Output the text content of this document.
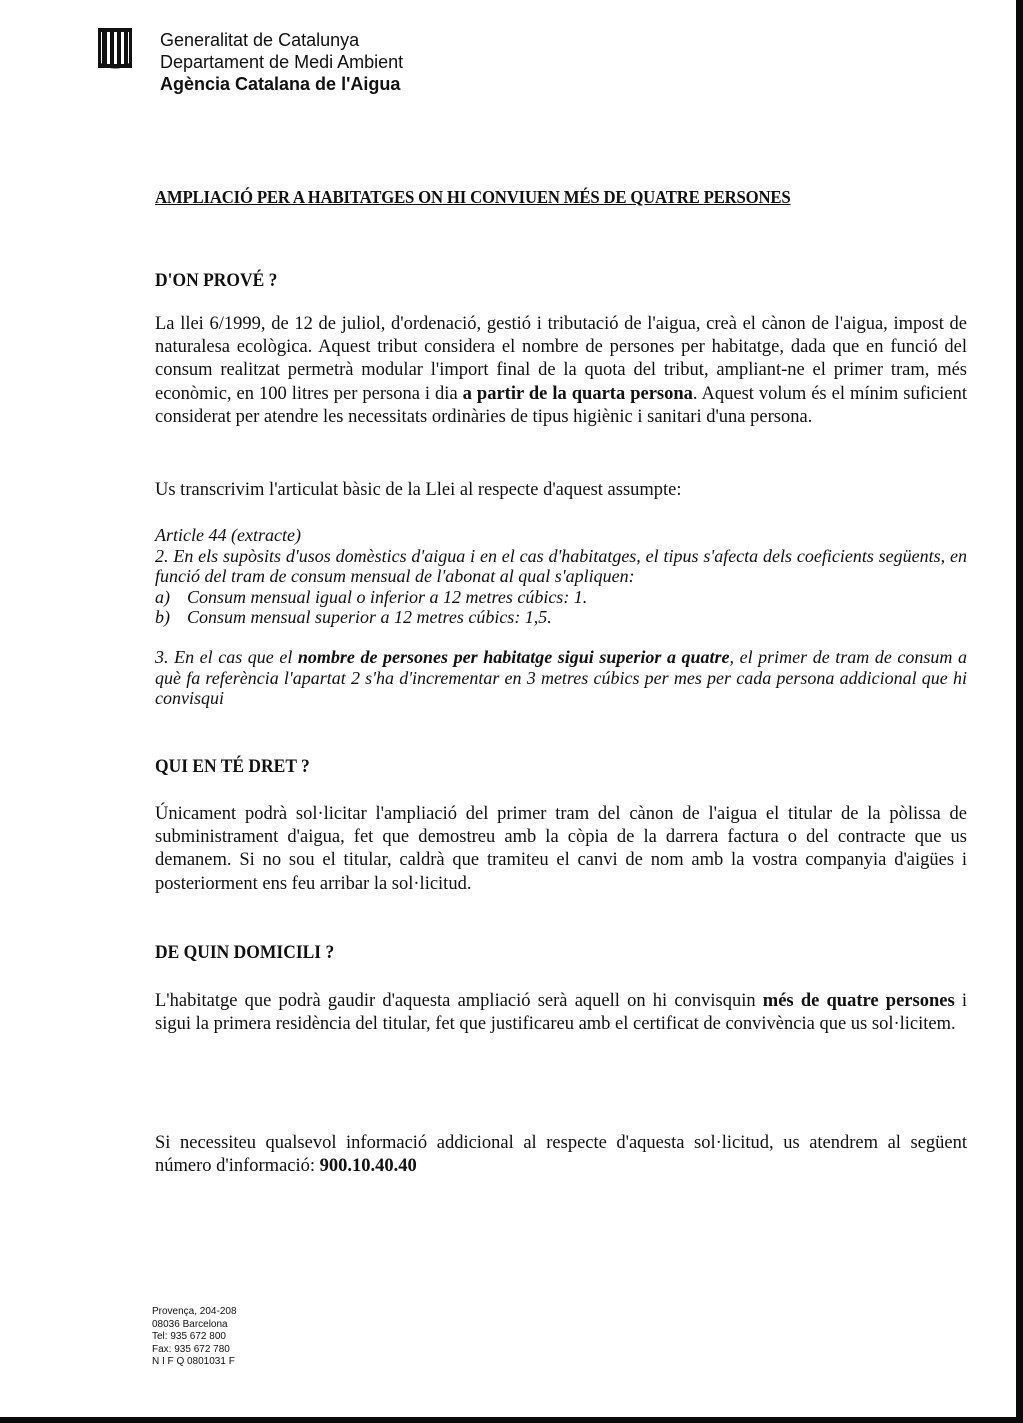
Generalitat de Catalunya
Departament de Medi Ambient
Agència Catalana de l'Aigua
AMPLIACIÓ PER A HABITATGES ON HI CONVIUEN MÉS DE QUATRE PERSONES
D'ON PROVÉ ?
La llei 6/1999, de 12 de juliol, d'ordenació, gestió i tributació de l'aigua, creà el cànon de l'aigua, impost de naturalesa ecològica. Aquest tribut considera el nombre de persones per habitatge, dada que en funció del consum realitzat permetrà modular l'import final de la quota del tribut, ampliant-ne el primer tram, més econòmic, en 100 litres per persona i dia a partir de la quarta persona. Aquest volum és el mínim suficient considerat per atendre les necessitats ordinàries de tipus higiènic i sanitari d'una persona.
Us transcrivim l'articulat bàsic de la Llei al respecte d'aquest assumpte:
Article 44 (extracte)
2. En els supòsits d'usos domèstics d'aigua i en el cas d'habitatges, el tipus s'afecta dels coeficients següents, en funció del tram de consum mensual de l'abonat al qual s'apliquen:
a) Consum mensual igual o inferior a 12 metres cúbics: 1.
b) Consum mensual superior a 12 metres cúbics: 1,5.
3. En el cas que el nombre de persones per habitatge sigui superior a quatre, el primer de tram de consum a què fa referència l'apartat 2 s'ha d'incrementar en 3 metres cúbics per mes per cada persona addicional que hi convisqui
QUI EN TÉ DRET ?
Únicament podrà sol·licitar l'ampliació del primer tram del cànon de l'aigua el titular de la pòlissa de subministrament d'aigua, fet que demostreu amb la còpia de la darrera factura o del contracte que us demanem. Si no sou el titular, caldrà que tramiteu el canvi de nom amb la vostra companyia d'aigües i posteriorment ens feu arribar la sol·licitud.
DE QUIN DOMICILI ?
L'habitatge que podrà gaudir d'aquesta ampliació serà aquell on hi convisquin més de quatre persones i sigui la primera residència del titular, fet que justificareu amb el certificat de convivència que us sol·licitem.
Si necessiteu qualsevol informació addicional al respecte d'aquesta sol·licitud, us atendrem al següent número d'informació: 900.10.40.40
Provença, 204-208
08036 Barcelona
Tel: 935 672 800
Fax: 935 672 780
N I F Q 0801031 F
